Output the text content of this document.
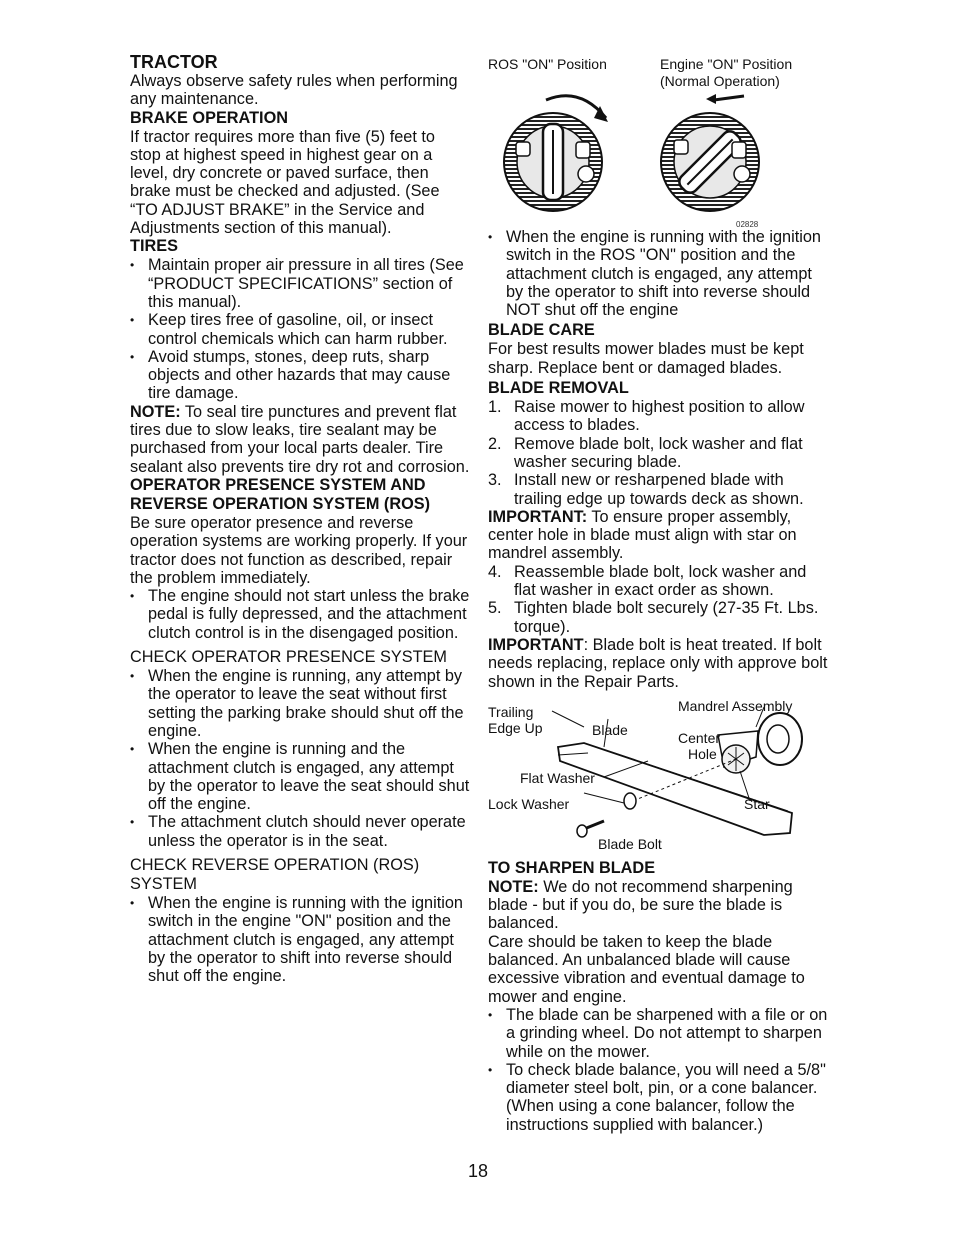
TRACTOR

Always observe safety rules when performing any maintenance.

BRAKE OPERATION

If tractor requires more than five (5) feet to stop at highest speed in highest gear on a level, dry concrete or paved surface, then brake must be checked and adjusted. (See “TO ADJUST BRAKE” in the Service and Adjustments section of this manual).

TIRES

• Maintain proper air pressure in all tires (See “PRODUCT SPECIFICATIONS” section of this manual).
• Keep tires free of gasoline, oil, or insect control chemicals which can harm rubber.
• Avoid stumps, stones, deep ruts, sharp objects and other hazards that may cause tire damage.

NOTE: To seal tire punctures and prevent flat tires due to slow leaks, tire sealant may be purchased from your local parts dealer. Tire sealant also prevents tire dry rot and corrosion.

OPERATOR PRESENCE SYSTEM AND REVERSE OPERATION SYSTEM (ROS)

Be sure operator presence and reverse operation systems are working properly. If your tractor does not function as described, repair the problem immediately.

• The engine should not start unless the brake pedal is fully depressed, and the attachment clutch control is in the disengaged position.

CHECK OPERATOR PRESENCE SYSTEM

• When the engine is running, any attempt by the operator to leave the seat without first setting the parking brake should shut off the engine.
• When the engine is running and the attachment clutch is engaged, any attempt by the operator to leave the seat should shut off the engine.
• The attachment clutch should never operate unless the operator is in the seat.

CHECK REVERSE OPERATION (ROS) SYSTEM

• When the engine is running with the ignition switch in the engine "ON" position and the attachment clutch is engaged, any attempt by the operator to shift into reverse should shut off the engine.
ROS "ON" Position	Engine "ON" Position
(Normal Operation)
02828
• When the engine is running with the ignition switch in the ROS "ON" position and the attachment clutch is engaged, any attempt by the operator to shift into reverse should NOT shut off the engine

BLADE CARE

For best results mower blades must be kept sharp. Replace bent or damaged blades.

BLADE REMOVAL

1. Raise mower to highest position to allow access to blades.
2. Remove blade bolt, lock washer and flat washer securing blade.
3. Install new or resharpened blade with trailing edge up towards deck as shown.

IMPORTANT: To ensure proper assembly, center hole in blade must align with star on mandrel assembly.

4. Reassemble blade bolt, lock washer and flat washer in exact order as shown.
5. Tighten blade bolt securely (27-35 Ft. Lbs. torque).

IMPORTANT: Blade bolt is heat treated. If bolt needs replacing, replace only with approve bolt shown in the Repair Parts.

Trailing
Edge Up	Blade
Mandrel Assembly
Center
Hole
Flat Washer
Lock Washer	Star
Blade Bolt

TO SHARPEN BLADE

NOTE: We do not recommend sharpening blade - but if you do, be sure the blade is balanced.

Care should be taken to keep the blade balanced. An unbalanced blade will cause excessive vibration and eventual damage to mower and engine.

• The blade can be sharpened with a file or on a grinding wheel. Do not attempt to sharpen while on the mower.
• To check blade balance, you will need a 5/8" diameter steel bolt, pin, or a cone balancer. (When using a cone balancer, follow the instructions supplied with balancer.)
18
